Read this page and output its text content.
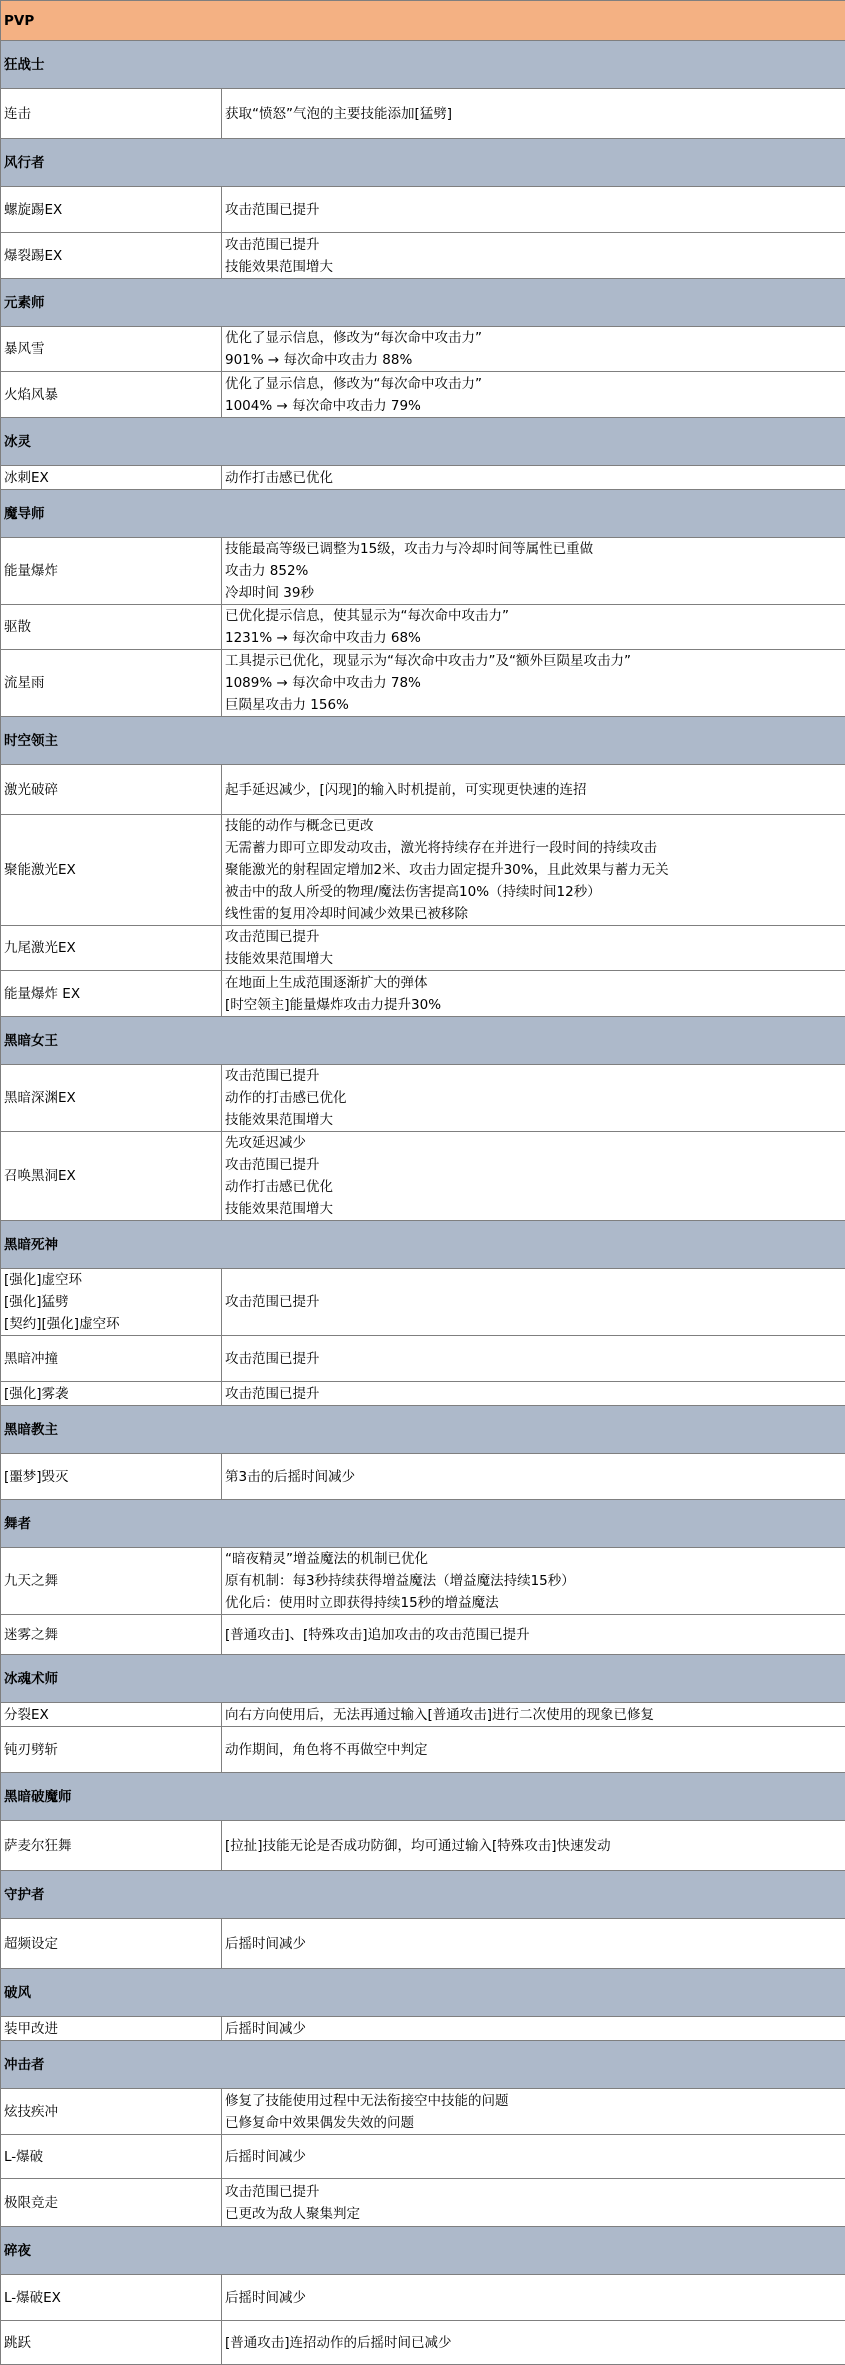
PVP	
狂战士	

连击	获取“愤怒”气泡的主要技能添加[猛劈]

风行者	

螺旋踢EX	攻击范围已提升

爆裂踢EX	攻击范围已提升
技能效果范围增大

元素师	

暴风雪	优化了显示信息，修改为“每次命中攻击力”
901% → 每次命中攻击力 88%

火焰风暴	优化了显示信息，修改为“每次命中攻击力”
1004% → 每次命中攻击力 79%

冰灵	

冰刺EX	动作打击感已优化

魔导师	

能量爆炸	技能最高等级已调整为15级，攻击力与冷却时间等属性已重做
攻击力 852%
冷却时间 39秒

驱散	已优化提示信息，使其显示为“每次命中攻击力”
1231% → 每次命中攻击力 68%

流星雨	工具提示已优化，现显示为“每次命中攻击力”及“额外巨陨星攻击力”
1089% → 每次命中攻击力 78%
巨陨星攻击力 156%

时空领主	

激光破碎	起手延迟减少，[闪现]的输入时机提前，可实现更快速的连招

聚能激光EX	技能的动作与概念已更改
无需蓄力即可立即发动攻击，激光将持续存在并进行一段时间的持续攻击
聚能激光的射程固定增加2米、攻击力固定提升30%，且此效果与蓄力无关
被击中的敌人所受的物理/魔法伤害提高10%（持续时间12秒）
线性雷的复用冷却时间减少效果已被移除

九尾激光EX	攻击范围已提升
技能效果范围增大

能量爆炸 EX	在地面上生成范围逐渐扩大的弹体
[时空领主]能量爆炸攻击力提升30%

黑暗女王	

黑暗深渊EX	攻击范围已提升
动作的打击感已优化
技能效果范围增大

召唤黑洞EX	先攻延迟减少
攻击范围已提升
动作打击感已优化
技能效果范围增大

黑暗死神	

[强化]虚空环
[强化]猛劈
[契约][强化]虚空环	攻击范围已提升

黑暗冲撞	攻击范围已提升

[强化]雾袭	攻击范围已提升

黑暗教主	

[噩梦]毁灭	第3击的后摇时间减少

舞者	

九天之舞	“暗夜精灵”增益魔法的机制已优化
原有机制：每3秒持续获得增益魔法（增益魔法持续15秒）
优化后：使用时立即获得持续15秒的增益魔法

迷雾之舞	[普通攻击]、[特殊攻击]追加攻击的攻击范围已提升

冰魂术师	

分裂EX	向右方向使用后，无法再通过输入[普通攻击]进行二次使用的现象已修复

钝刃劈斩	动作期间，角色将不再做空中判定

黑暗破魔师	

萨麦尔狂舞	[拉扯]技能无论是否成功防御，均可通过输入[特殊攻击]快速发动

守护者	

超频设定	后摇时间减少

破风	

装甲改进	后摇时间减少

冲击者	

炫技疾冲	修复了技能使用过程中无法衔接空中技能的问题
已修复命中效果偶发失效的问题

L-爆破	后摇时间减少

极限竞走	攻击范围已提升
已更改为敌人聚集判定

碎夜	

L-爆破EX	后摇时间减少

跳跃	[普通攻击]连招动作的后摇时间已减少
